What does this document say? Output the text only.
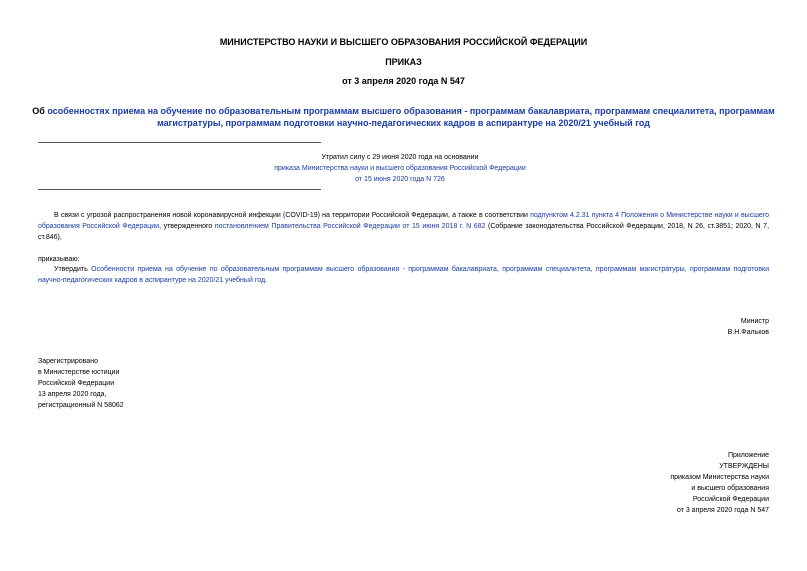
МИНИСТЕРСТВО НАУКИ И ВЫСШЕГО ОБРАЗОВАНИЯ РОССИЙСКОЙ ФЕДЕРАЦИИ
ПРИКАЗ
от 3 апреля 2020 года N 547
Об особенностях приема на обучение по образовательным программам высшего образования - программам бакалавриата, программам специалитета, программам магистратуры, программам подготовки научно-педагогических кадров в аспирантуре на 2020/21 учебный год
Утратил силу с 29 июня 2020 года на основании
приказа Министерства науки и высшего образования Российской Федерации
от 15 июня 2020 года N 726
В связи с угрозой распространения новой коронавирусной инфекции (COVID-19) на территории Российской Федерации, а также в соответствии подпунктом 4.2.31 пункта 4 Положения о Министерстве науки и высшего образования Российской Федерации, утвержденного постановлением Правительства Российской Федерации от 15 июня 2018 г. N 682 (Собрание законодательства Российской Федерации, 2018, N 26, ст.3851; 2020, N 7, ст.846),
приказываю:
Утвердить Особенности приема на обучение по образовательным программам высшего образования - программам бакалавриата, программам специалитета, программам магистратуры, программам подготовки научно-педагогических кадров в аспирантуре на 2020/21 учебный год.
Министр
В.Н.Фальков
Зарегистрировано
в Министерстве юстиции
Российской Федерации
13 апреля 2020 года,
регистрационный N 58062
Приложение
УТВЕРЖДЕНЫ
приказом Министерства науки
и высшего образования
Российской Федерации
от 3 апреля 2020 года N 547
